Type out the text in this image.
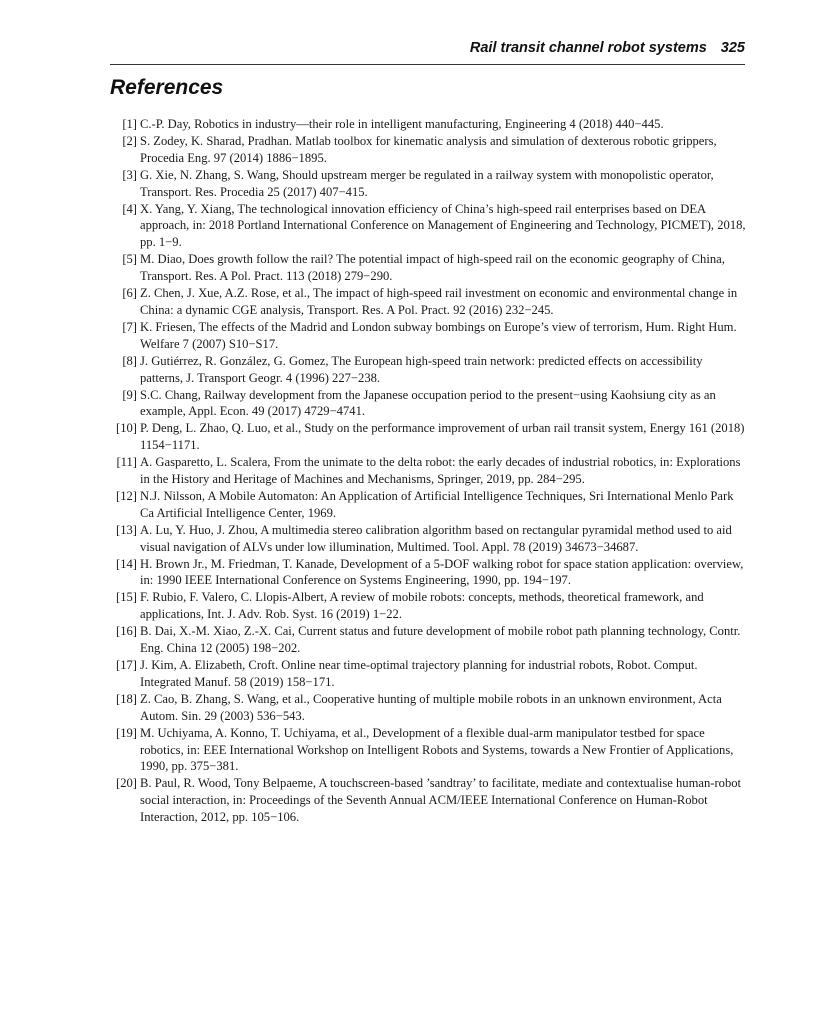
Rail transit channel robot systems 325
References
[1] C.-P. Day, Robotics in industry—their role in intelligent manufacturing, Engineering 4 (2018) 440−445.
[2] S. Zodey, K. Sharad, Pradhan. Matlab toolbox for kinematic analysis and simulation of dexterous robotic grippers, Procedia Eng. 97 (2014) 1886−1895.
[3] G. Xie, N. Zhang, S. Wang, Should upstream merger be regulated in a railway system with monopolistic operator, Transport. Res. Procedia 25 (2017) 407−415.
[4] X. Yang, Y. Xiang, The technological innovation efficiency of China’s high-speed rail enterprises based on DEA approach, in: 2018 Portland International Conference on Management of Engineering and Technology, PICMET), 2018, pp. 1−9.
[5] M. Diao, Does growth follow the rail? The potential impact of high-speed rail on the economic geography of China, Transport. Res. A Pol. Pract. 113 (2018) 279−290.
[6] Z. Chen, J. Xue, A.Z. Rose, et al., The impact of high-speed rail investment on economic and environmental change in China: a dynamic CGE analysis, Transport. Res. A Pol. Pract. 92 (2016) 232−245.
[7] K. Friesen, The effects of the Madrid and London subway bombings on Europe’s view of terrorism, Hum. Right Hum. Welfare 7 (2007) S10−S17.
[8] J. Gutiérrez, R. González, G. Gomez, The European high-speed train network: predicted effects on accessibility patterns, J. Transport Geogr. 4 (1996) 227−238.
[9] S.C. Chang, Railway development from the Japanese occupation period to the present−using Kaohsiung city as an example, Appl. Econ. 49 (2017) 4729−4741.
[10] P. Deng, L. Zhao, Q. Luo, et al., Study on the performance improvement of urban rail transit system, Energy 161 (2018) 1154−1171.
[11] A. Gasparetto, L. Scalera, From the unimate to the delta robot: the early decades of industrial robotics, in: Explorations in the History and Heritage of Machines and Mechanisms, Springer, 2019, pp. 284−295.
[12] N.J. Nilsson, A Mobile Automaton: An Application of Artificial Intelligence Techniques, Sri International Menlo Park Ca Artificial Intelligence Center, 1969.
[13] A. Lu, Y. Huo, J. Zhou, A multimedia stereo calibration algorithm based on rectangular pyramidal method used to aid visual navigation of ALVs under low illumination, Multimed. Tool. Appl. 78 (2019) 34673−34687.
[14] H. Brown Jr., M. Friedman, T. Kanade, Development of a 5-DOF walking robot for space station application: overview, in: 1990 IEEE International Conference on Systems Engineering, 1990, pp. 194−197.
[15] F. Rubio, F. Valero, C. Llopis-Albert, A review of mobile robots: concepts, methods, theoretical framework, and applications, Int. J. Adv. Rob. Syst. 16 (2019) 1−22.
[16] B. Dai, X.-M. Xiao, Z.-X. Cai, Current status and future development of mobile robot path planning technology, Contr. Eng. China 12 (2005) 198−202.
[17] J. Kim, A. Elizabeth, Croft. Online near time-optimal trajectory planning for industrial robots, Robot. Comput. Integrated Manuf. 58 (2019) 158−171.
[18] Z. Cao, B. Zhang, S. Wang, et al., Cooperative hunting of multiple mobile robots in an unknown environment, Acta Autom. Sin. 29 (2003) 536−543.
[19] M. Uchiyama, A. Konno, T. Uchiyama, et al., Development of a flexible dual-arm manipulator testbed for space robotics, in: EEE International Workshop on Intelligent Robots and Systems, towards a New Frontier of Applications, 1990, pp. 375−381.
[20] B. Paul, R. Wood, Tony Belpaeme, A touchscreen-based ’sandtray’ to facilitate, mediate and contextualise human-robot social interaction, in: Proceedings of the Seventh Annual ACM/IEEE International Conference on Human-Robot Interaction, 2012, pp. 105−106.
